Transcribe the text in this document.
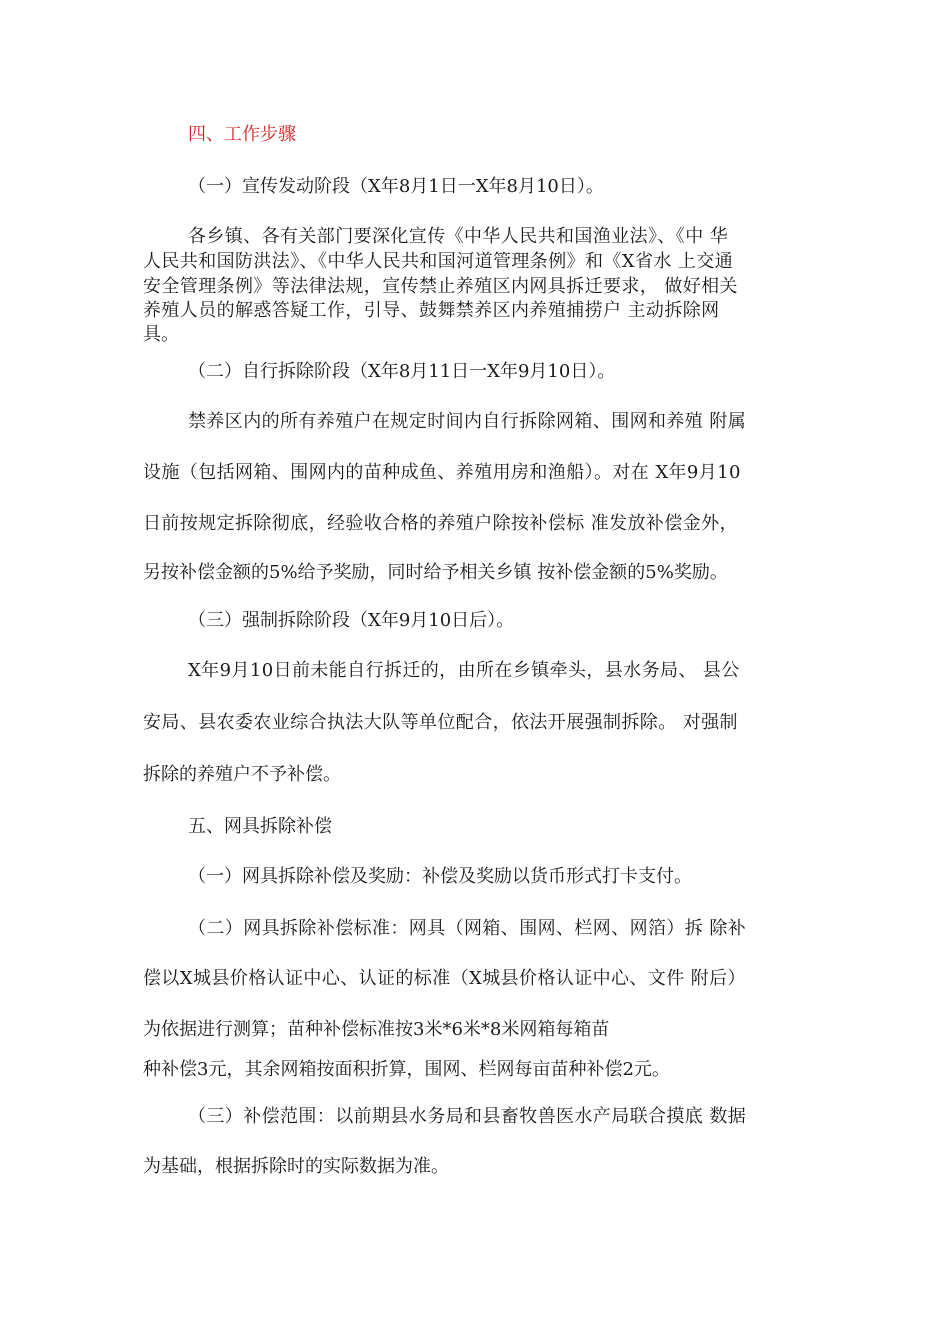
四、工作步骤
（一）宣传发动阶段（X年8月1日一X年8月10日）。
各乡镇、各有关部门要深化宣传《中华人民共和国渔业法》、《中 华
人民共和国防洪法》、《中华人民共和国河道管理条例》和《X省水 上交通
安全管理条例》等法律法规，宣传禁止养殖区内网具拆迁要求， 做好相关
养殖人员的解惑答疑工作，引导、鼓舞禁养区内养殖捕捞户 主动拆除网
具。
（二）自行拆除阶段（X年8月11日一X年9月10日）。
禁养区内的所有养殖户在规定时间内自行拆除网箱、围网和养殖 附属
设施（包括网箱、围网内的苗种成鱼、养殖用房和渔船）。对在 X年9月10
日前按规定拆除彻底，经验收合格的养殖户除按补偿标 准发放补偿金外，
另按补偿金额的5%给予奖励，同时给予相关乡镇 按补偿金额的5%奖励。
（三）强制拆除阶段（X年9月10日后）。
X年9月10日前未能自行拆迁的，由所在乡镇牵头，县水务局、 县公
安局、县农委农业综合执法大队等单位配合，依法开展强制拆除。 对强制
拆除的养殖户不予补偿。
五、网具拆除补偿
（一）网具拆除补偿及奖励：补偿及奖励以货币形式打卡支付。
（二）网具拆除补偿标准：网具（网箱、围网、栏网、网箔）拆 除补
偿以X城县价格认证中心、认证的标准（X城县价格认证中心、文件 附后）
为依据进行测算；苗种补偿标准按3米*6米*8米网箱每箱苗
种补偿3元，其余网箱按面积折算，围网、栏网每亩苗种补偿2元。
（三）补偿范围：以前期县水务局和县畜牧兽医水产局联合摸底 数据
为基础，根据拆除时的实际数据为准。
